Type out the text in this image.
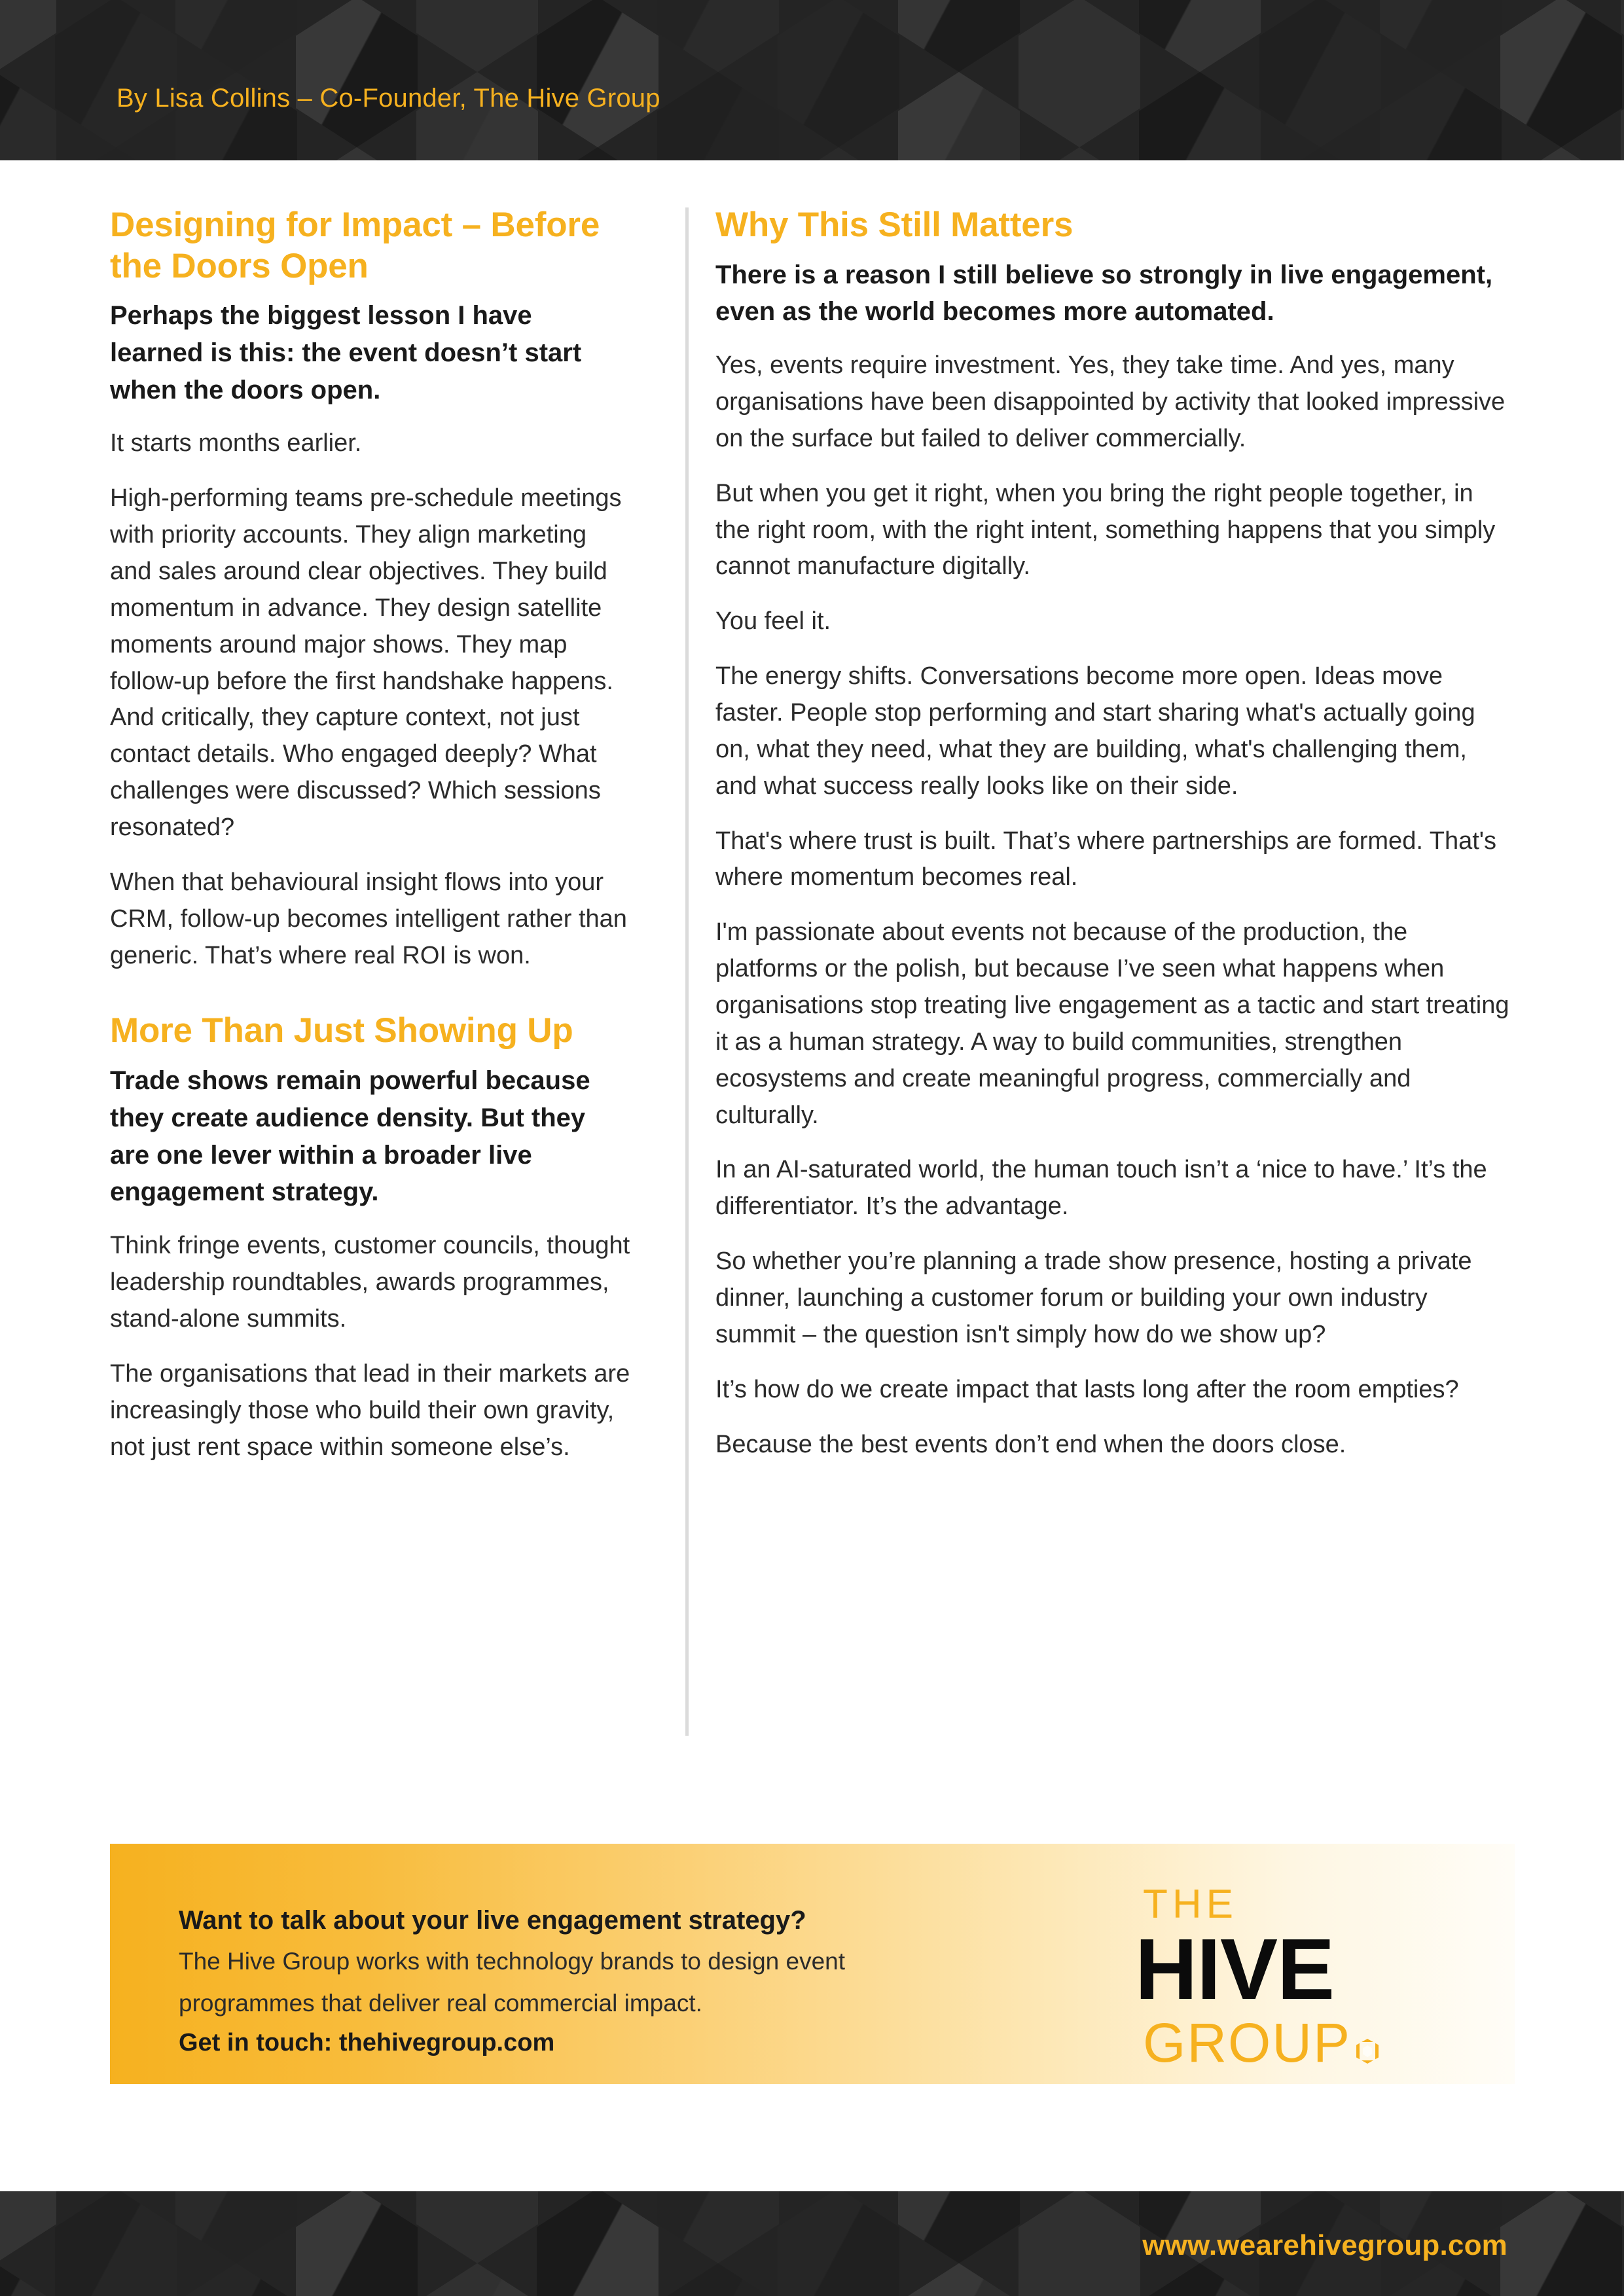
By Lisa Collins – Co-Founder, The Hive Group
Designing for Impact – Before the Doors Open

Perhaps the biggest lesson I have learned is this: the event doesn’t start when the doors open.

It starts months earlier.

High-performing teams pre-schedule meetings with priority accounts. They align marketing and sales around clear objectives. They build momentum in advance. They design satellite moments around major shows. They map follow-up before the first handshake happens. And critically, they capture context, not just contact details. Who engaged deeply? What challenges were discussed? Which sessions resonated?

When that behavioural insight flows into your CRM, follow-up becomes intelligent rather than generic. That’s where real ROI is won.

More Than Just Showing Up

Trade shows remain powerful because they create audience density. But they are one lever within a broader live engagement strategy.

Think fringe events, customer councils, thought leadership roundtables, awards programmes, stand-alone summits.

The organisations that lead in their markets are increasingly those who build their own gravity, not just rent space within someone else’s.

Why This Still Matters

There is a reason I still believe so strongly in live engagement, even as the world becomes more automated.

Yes, events require investment. Yes, they take time. And yes, many organisations have been disappointed by activity that looked impressive on the surface but failed to deliver commercially.

But when you get it right, when you bring the right people together, in the right room, with the right intent, something happens that you simply cannot manufacture digitally.

You feel it.

The energy shifts. Conversations become more open. Ideas move faster. People stop performing and start sharing what's actually going on, what they need, what they are building, what's challenging them, and what success really looks like on their side.

That's where trust is built. That’s where partnerships are formed. That's where momentum becomes real.

I'm passionate about events not because of the production, the platforms or the polish, but because I’ve seen what happens when organisations stop treating live engagement as a tactic and start treating it as a human strategy. A way to build communities, strengthen ecosystems and create meaningful progress, commercially and culturally.

In an AI-saturated world, the human touch isn’t a ‘nice to have.’ It’s the differentiator. It’s the advantage.

So whether you’re planning a trade show presence, hosting a private dinner, launching a customer forum or building your own industry summit – the question isn't simply how do we show up?

It’s how do we create impact that lasts long after the room empties?

Because the best events don’t end when the doors close.

Want to talk about your live engagement strategy?

The Hive Group works with technology brands to design event

programmes that deliver real commercial impact.

Get in touch: thehivegroup.com

THE
HIVE
GROUP
www.wearehivegroup.com
